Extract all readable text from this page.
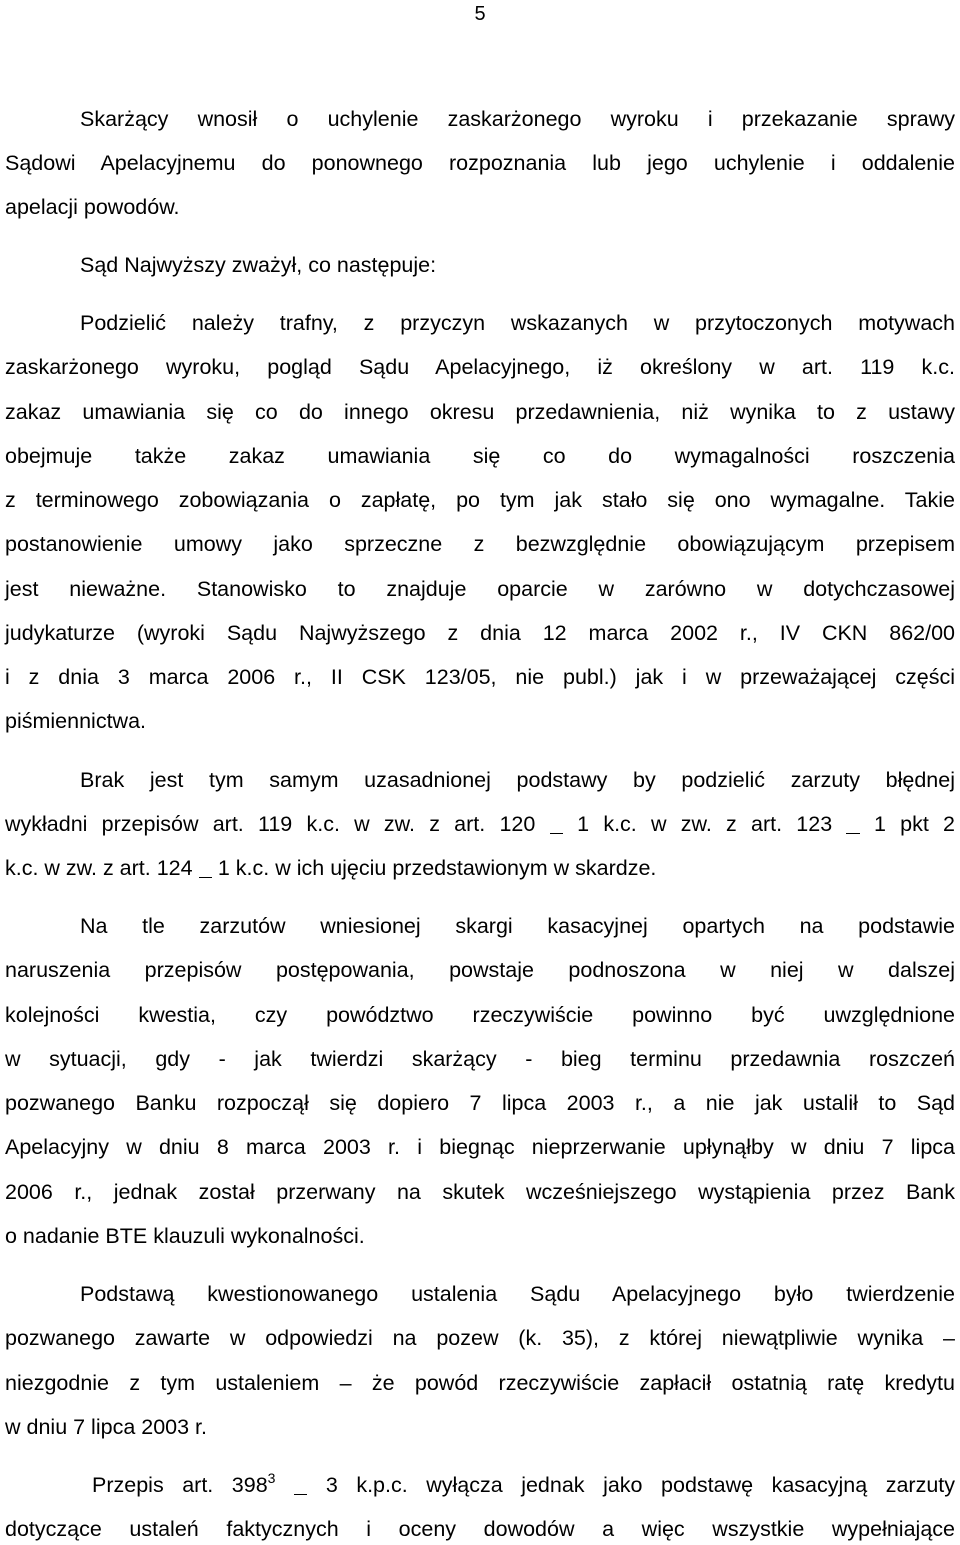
5
Skarżący wnosił o uchylenie zaskarżonego wyroku i przekazanie sprawy
Sądowi Apelacyjnemu do ponownego rozpoznania lub jego uchylenie i oddalenie
apelacji powodów.
Sąd Najwyższy zważył, co następuje:
Podzielić należy trafny, z przyczyn wskazanych w przytoczonych motywach
zaskarżonego wyroku, pogląd Sądu Apelacyjnego, iż określony w art. 119 k.c.
zakaz umawiania się co do innego okresu przedawnienia, niż wynika to z ustawy
obejmuje także zakaz umawiania się co do wymagalności roszczenia
z terminowego zobowiązania o zapłatę, po tym jak stało się ono wymagalne. Takie
postanowienie umowy jako sprzeczne z bezwzględnie obowiązującym przepisem
jest nieważne. Stanowisko to znajduje oparcie w zarówno w dotychczasowej
judykaturze (wyroki Sądu Najwyższego z dnia 12 marca 2002 r., IV CKN 862/00
i z dnia 3 marca 2006 r., II CSK 123/05, nie publ.) jak i w przeważającej części
piśmiennictwa.
Brak jest tym samym uzasadnionej podstawy by podzielić zarzuty błędnej
wykładni przepisów art. 119 k.c. w zw. z art. 120  1 k.c. w zw. z art. 123  1 pkt 2
k.c. w zw. z art. 124  1 k.c. w ich ujęciu przedstawionym w skardze.
Na tle zarzutów wniesionej skargi kasacyjnej opartych na podstawie
naruszenia przepisów postępowania, powstaje podnoszona w niej w dalszej
kolejności kwestia, czy powództwo rzeczywiście powinno być uwzględnione
w sytuacji, gdy - jak twierdzi skarżący - bieg terminu przedawnia roszczeń
pozwanego Banku rozpoczął się dopiero 7 lipca 2003 r., a nie jak ustalił to Sąd
Apelacyjny w dniu 8 marca 2003 r. i biegnąc nieprzerwanie upłynąłby w dniu 7 lipca
2006 r., jednak został przerwany na skutek wcześniejszego wystąpienia przez Bank
o nadanie BTE klauzuli wykonalności.
Podstawą kwestionowanego ustalenia Sądu Apelacyjnego było twierdzenie
pozwanego zawarte w odpowiedzi na pozew (k. 35), z której niewątpliwie wynika –
niezgodnie z tym ustaleniem – że powód rzeczywiście zapłacił ostatnią ratę kredytu
w dniu 7 lipca 2003 r.
Przepis art. $398^3$  3 k.p.c. wyłącza jednak jako podstawę kasacyjną zarzuty
dotyczące ustaleń faktycznych i oceny dowodów a więc wszystkie wypełniające
